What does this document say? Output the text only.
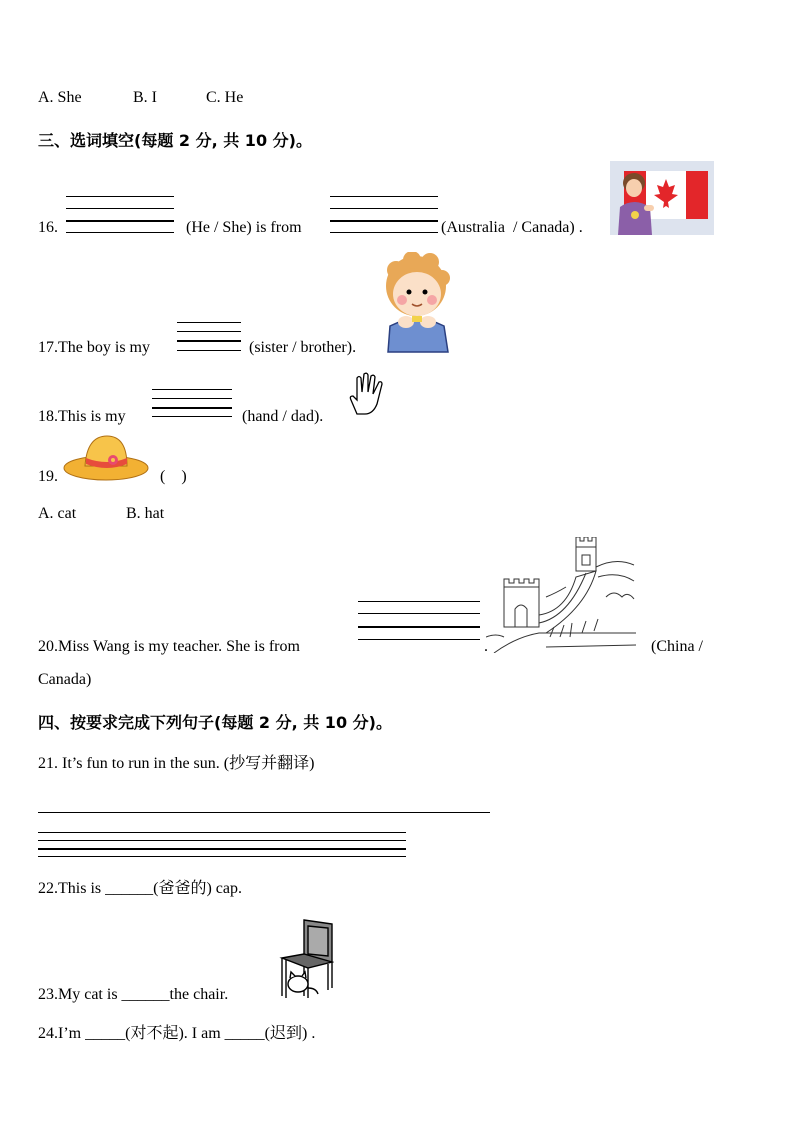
A. She	B. I	C. He
三、选词填空(每题 2 分, 共 10 分)。
16.	(He / She) is from	(Australia  / Canada) .
17.The boy is my	(sister / brother).
18.This is my	(hand / dad).
19.	(    )
A. cat	B. hat
20.Miss Wang is my teacher. She is from	.	(China /
Canada)
四、按要求完成下列句子(每题 2 分, 共 10 分)。
21. It’s fun to run in the sun. (抄写并翻译)
22.This is ______(爸爸的) cap.
23.My cat is ______the chair.
24.I’m _____(对不起). I am _____(迟到) .
